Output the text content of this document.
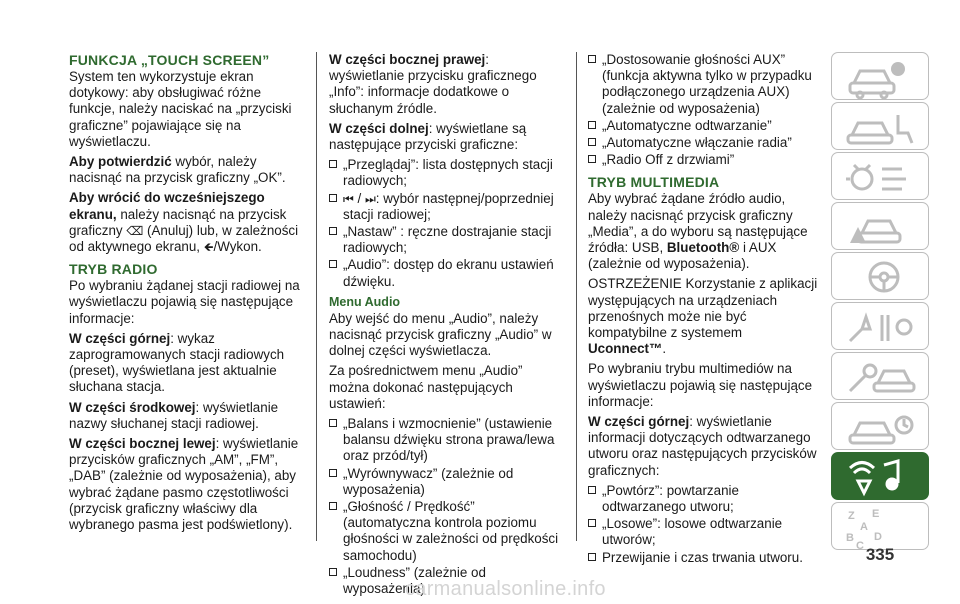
FUNKCJA „TOUCH SCREEN”

System ten wykorzystuje ekran dotykowy: aby obsługiwać różne funkcje, należy naciskać na „przyciski graficzne” pojawiające się na wyświetlaczu.

Aby potwierdzić wybór, należy nacisnąć na przycisk graficzny „OK”.

Aby wrócić do wcześniejszego ekranu, należy nacisnąć na przycisk graficzny ⌫ (Anuluj) lub, w zależności od aktywnego ekranu, 🡸/Wykon.

TRYB RADIO

Po wybraniu żądanej stacji radiowej na wyświetlaczu pojawią się następujące informacje:

W części górnej: wykaz zaprogramowanych stacji radiowych (preset), wyświetlana jest aktualnie słuchana stacja.

W części środkowej: wyświetlanie nazwy słuchanej stacji radiowej.

W części bocznej lewej: wyświetlanie przycisków graficznych „AM”, „FM”, „DAB” (zależnie od wyposażenia), aby wybrać żądane pasmo częstotliwości (przycisk graficzny właściwy dla wybranego pasma jest podświetlony).

W części bocznej prawej: wyświetlanie przycisku graficznego „Info”: informacje dodatkowe o słuchanym źródle.

W części dolnej: wyświetlane są następujące przyciski graficzne:

„Przeglądaj”: lista dostępnych stacji radiowych;
⏮ / ⏭: wybór następnej/poprzedniej stacji radiowej;
„Nastaw” : ręczne dostrajanie stacji radiowych;
„Audio”: dostęp do ekranu ustawień dźwięku.
Menu Audio

Aby wejść do menu „Audio”, należy nacisnąć przycisk graficzny „Audio” w dolnej części wyświetlacza.

Za pośrednictwem menu „Audio” można dokonać następujących ustawień:

„Balans i wzmocnienie” (ustawienie balansu dźwięku strona prawa/lewa oraz przód/tył)
„Wyrównywacz” (zależnie od wyposażenia)
„Głośność / Prędkość” (automatyczna kontrola poziomu głośności w zależności od prędkości samochodu)
„Loudness” (zależnie od wyposażenia)
„Dostosowanie głośności AUX” (funkcja aktywna tylko w przypadku podłączonego urządzenia AUX) (zależnie od wyposażenia)
„Automatyczne odtwarzanie”
„Automatyczne włączanie radia”
„Radio Off z drzwiami”
TRYB MULTIMEDIA

Aby wybrać żądane źródło audio, należy nacisnąć przycisk graficzny „Media”, a do wyboru są następujące źródła: USB, Bluetooth® i AUX (zależnie od wyposażenia).

OSTRZEŻENIE Korzystanie z aplikacji występujących na urządzeniach przenośnych może nie być kompatybilne z systemem Uconnect™.

Po wybraniu trybu multimediów na wyświetlaczu pojawią się następujące informacje:

W części górnej: wyświetlanie informacji dotyczących odtwarzanego utworu oraz następujących przycisków graficznych:

„Powtórz”: powtarzanie odtwarzanego utworu;
„Losowe”: losowe odtwarzanie utworów;
Przewijanie i czas trwania utworu.
Z E
A
B D
C 335
carmanualsonline.info
